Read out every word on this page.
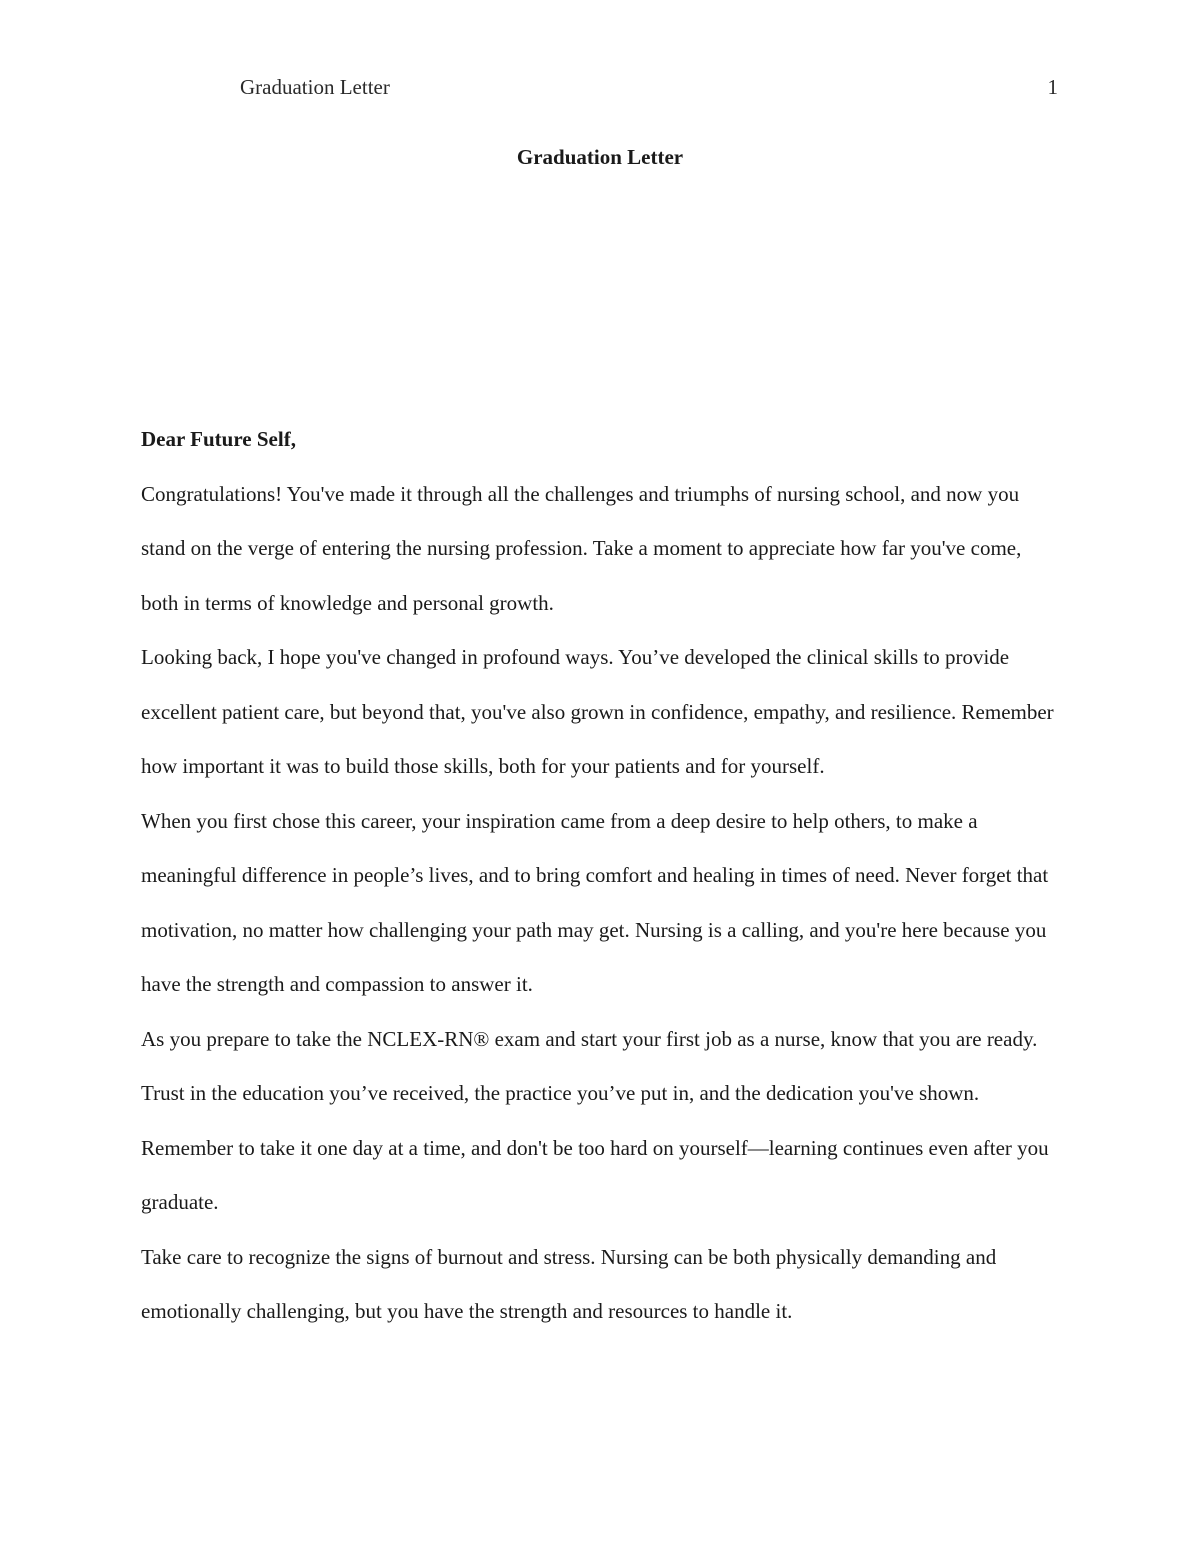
Graduation Letter	1
Graduation Letter

Dear Future Self,

Congratulations! You've made it through all the challenges and triumphs of nursing school, and now you stand on the verge of entering the nursing profession. Take a moment to appreciate how far you've come, both in terms of knowledge and personal growth.

Looking back, I hope you've changed in profound ways. You’ve developed the clinical skills to provide excellent patient care, but beyond that, you've also grown in confidence, empathy, and resilience. Remember how important it was to build those skills, both for your patients and for yourself.

When you first chose this career, your inspiration came from a deep desire to help others, to make a meaningful difference in people’s lives, and to bring comfort and healing in times of need. Never forget that motivation, no matter how challenging your path may get. Nursing is a calling, and you're here because you have the strength and compassion to answer it.

As you prepare to take the NCLEX-RN® exam and start your first job as a nurse, know that you are ready. Trust in the education you’ve received, the practice you’ve put in, and the dedication you've shown. Remember to take it one day at a time, and don't be too hard on yourself—learning continues even after you graduate.

Take care to recognize the signs of burnout and stress. Nursing can be both physically demanding and emotionally challenging, but you have the strength and resources to handle it.
